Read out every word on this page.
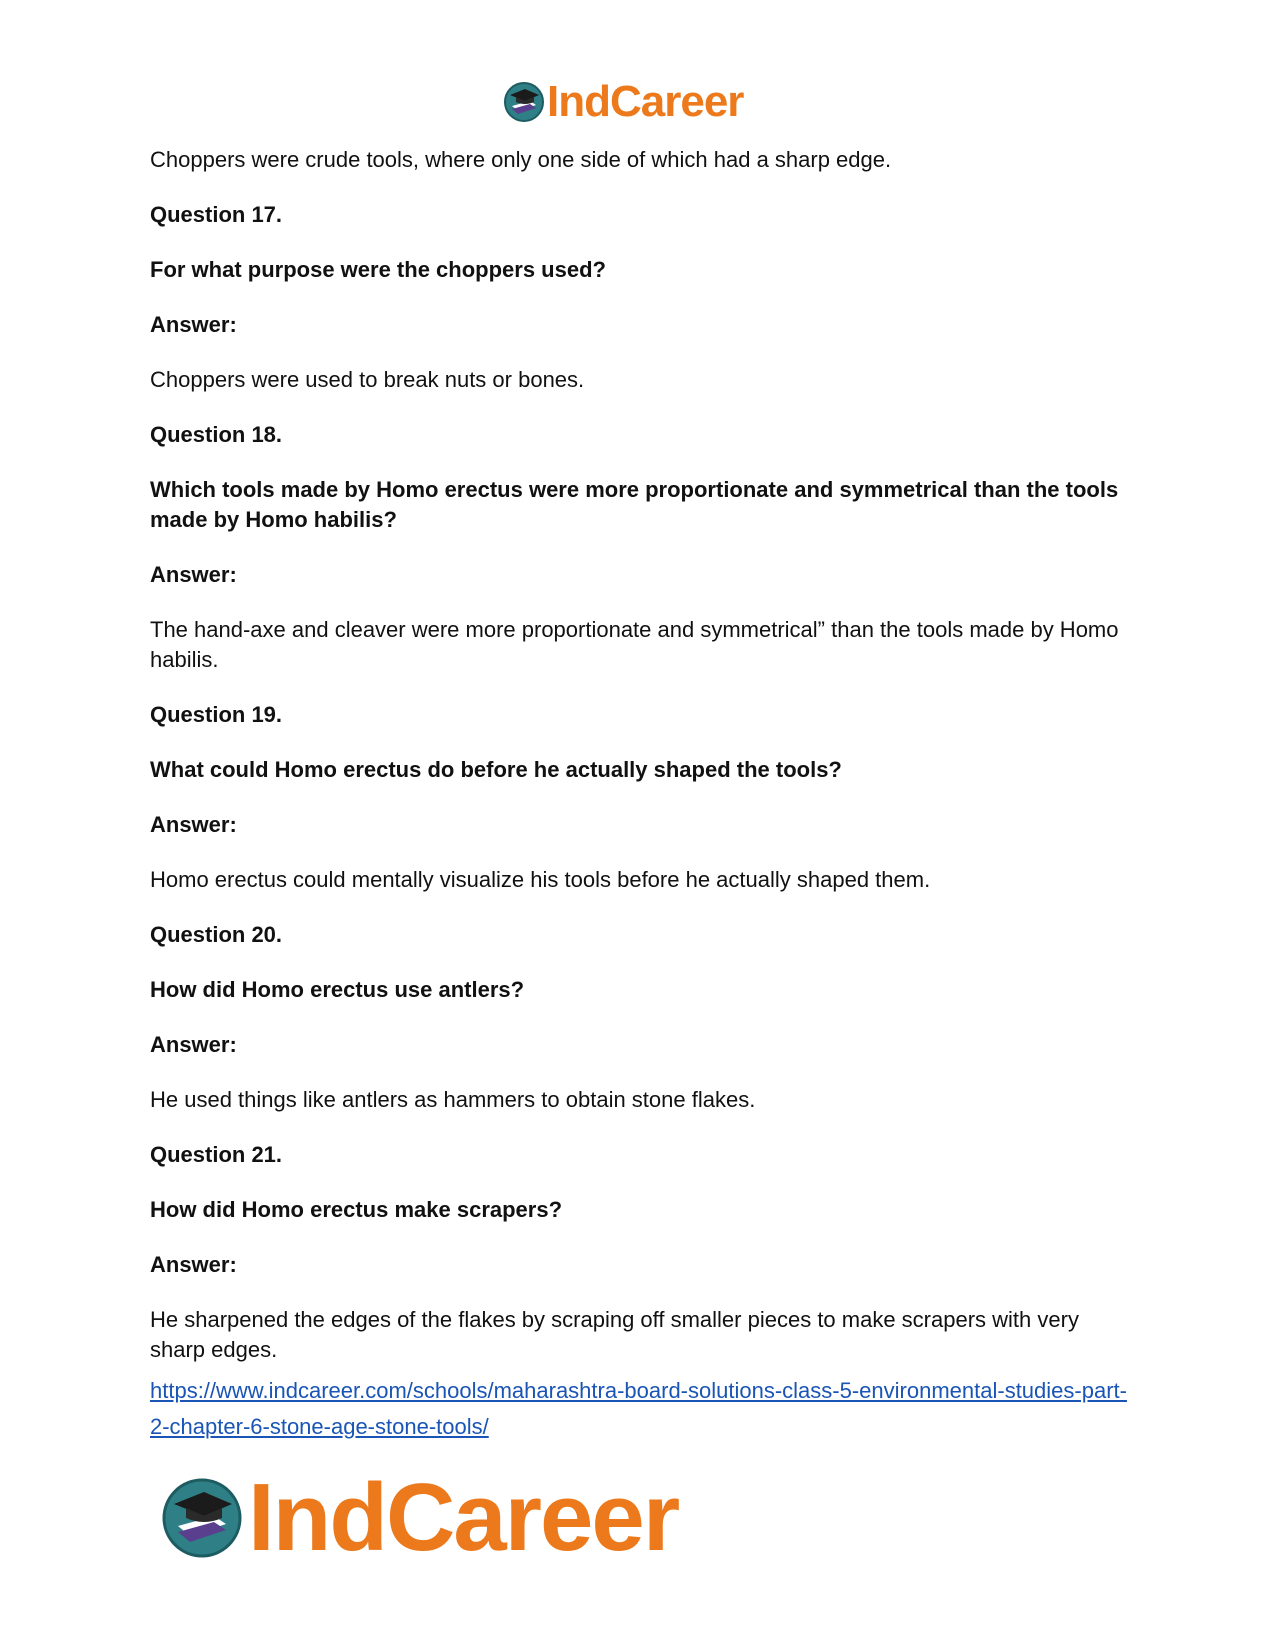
IndCareer

Choppers were crude tools, where only one side of which had a sharp edge.

Question 17.

For what purpose were the choppers used?

Answer:

Choppers were used to break nuts or bones.

Question 18.

Which tools made by Homo erectus were more proportionate and symmetrical than the tools made by Homo habilis?

Answer:

The hand-axe and cleaver were more proportionate and symmetrical” than the tools made by Homo habilis.

Question 19.

What could Homo erectus do before he actually shaped the tools?

Answer:

Homo erectus could mentally visualize his tools before he actually shaped them.

Question 20.

How did Homo erectus use antlers?

Answer:

He used things like antlers as hammers to obtain stone flakes.

Question 21.

How did Homo erectus make scrapers?

Answer:

He sharpened the edges of the flakes by scraping off smaller pieces to make scrapers with very sharp edges.

https://www.indcareer.com/schools/maharashtra-board-solutions-class-5-environmental-studies-part-2-chapter-6-stone-age-stone-tools/
IndCareer
